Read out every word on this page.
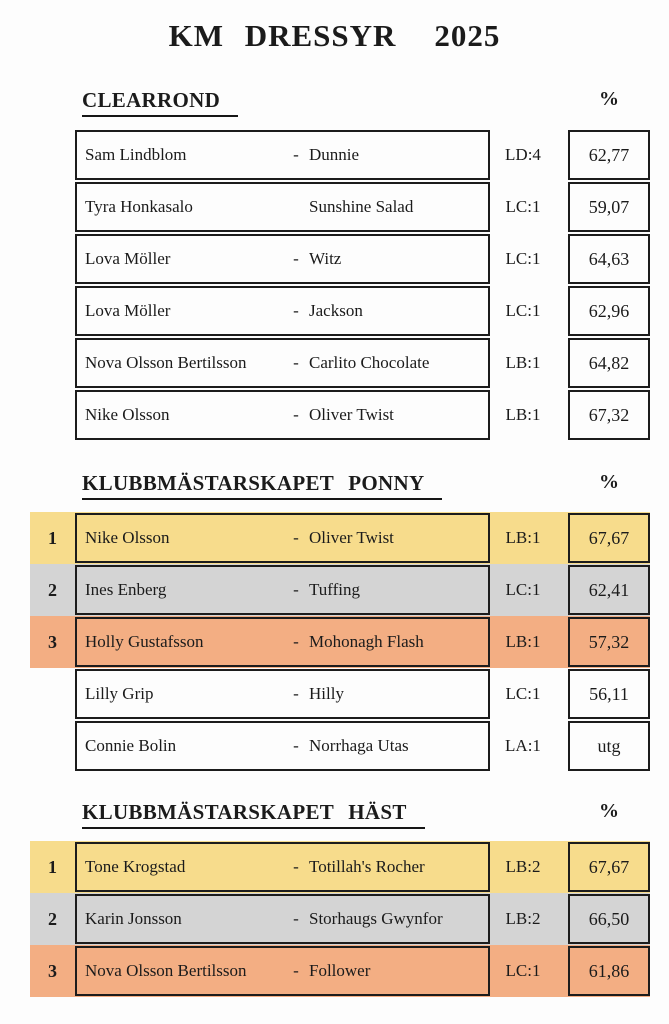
KM DRESSYR 2025
CLEARROND	%
Sam Lindblom	- Dunnie	LD:4	62,77
Tyra Honkasalo	Sunshine Salad	LC:1	59,07
Lova Möller	- Witz	LC:1	64,63
Lova Möller	- Jackson	LC:1	62,96
Nova Olsson Bertilsson	- Carlito Chocolate	LB:1	64,82
Nike Olsson	- Oliver Twist	LB:1	67,32
KLUBBMÄSTARSKAPET PONNY	%
1	Nike Olsson	- Oliver Twist	LB:1	67,67
2	Ines Enberg	- Tuffing	LC:1	62,41
3	Holly Gustafsson	- Mohonagh Flash	LB:1	57,32
Lilly Grip	- Hilly	LC:1	56,11
Connie Bolin	- Norrhaga Utas	LA:1	utg
KLUBBMÄSTARSKAPET HÄST	%
1	Tone Krogstad	- Totillah's Rocher	LB:2	67,67
2	Karin Jonsson	- Storhaugs Gwynfor	LB:2	66,50
3	Nova Olsson Bertilsson	- Follower	LC:1	61,86
